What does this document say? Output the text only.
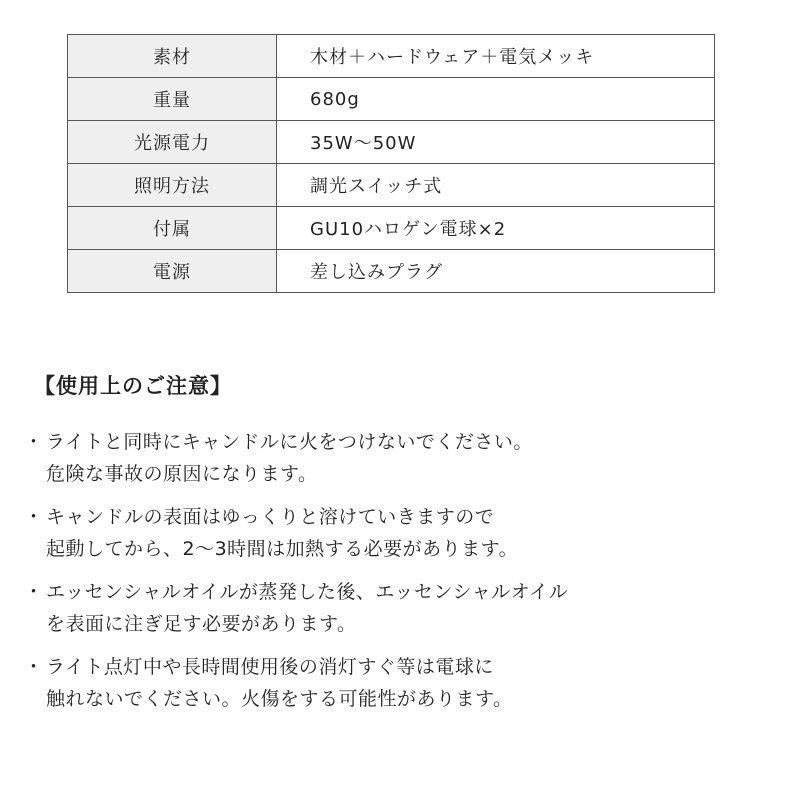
素材	木材＋ハードウェア＋電気メッキ
重量	680g
光源電力	35W〜50W
照明方法	調光スイッチ式
付属	GU10ハロゲン電球×2
電源	差し込みプラグ
【使用上のご注意】
・ ライトと同時にキャンドルに火をつけないでください。
危険な事故の原因になります。
・ キャンドルの表面はゆっくりと溶けていきますので
起動してから、2〜3時間は加熱する必要があります。
・ エッセンシャルオイルが蒸発した後、エッセンシャルオイル
を表面に注ぎ足す必要があります。
・ ライト点灯中や長時間使用後の消灯すぐ等は電球に
触れないでください。火傷をする可能性があります。
